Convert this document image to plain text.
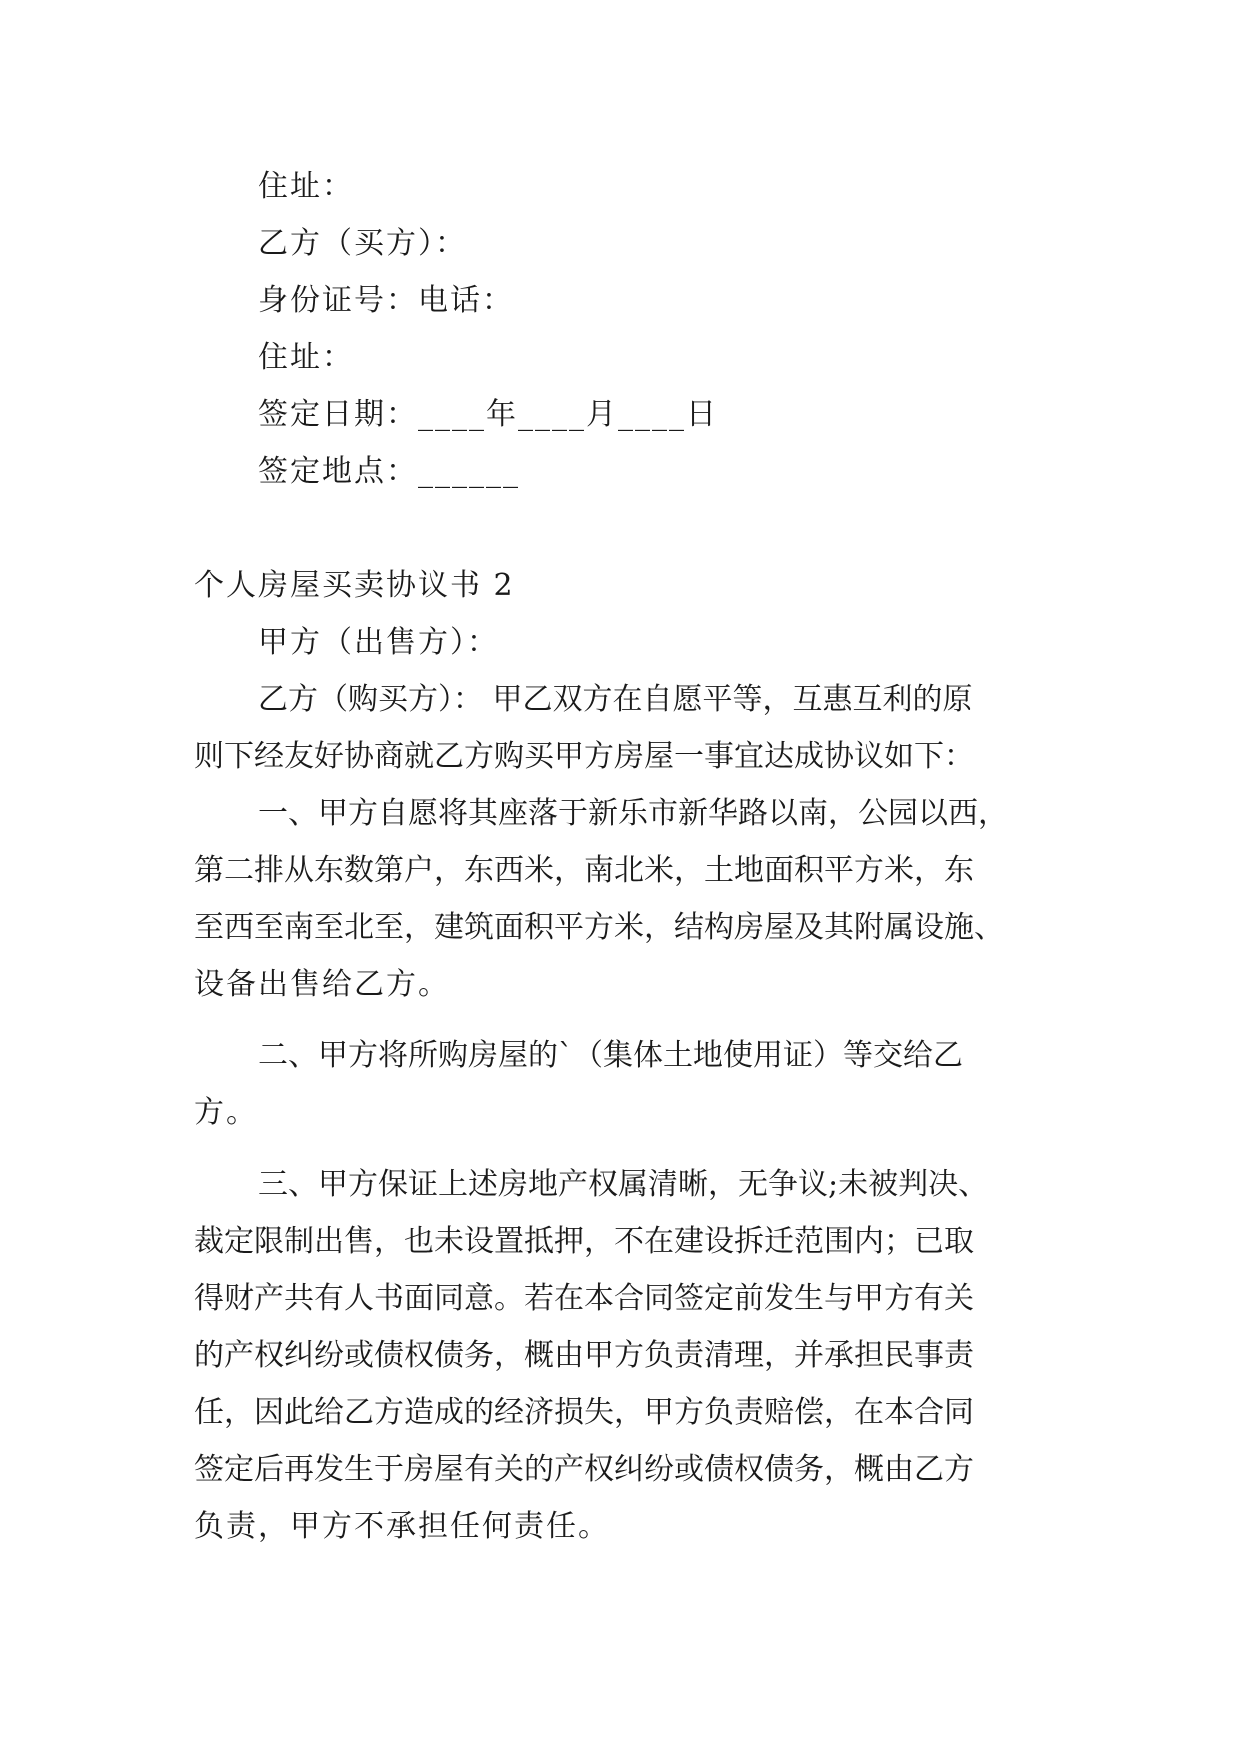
住址：
乙方（买方）：
身份证号：电话：
住址：
签定日期：____年____月____日
签定地点：______
个人房屋买卖协议书 2
甲方（出售方）：
乙方（购买方）： 甲乙双方在自愿平等，互惠互利的原
则下经友好协商就乙方购买甲方房屋一事宜达成协议如下：
一、甲方自愿将其座落于新乐市新华路以南，公园以西，
第二排从东数第户，东西米，南北米，土地面积平方米，东
至西至南至北至，建筑面积平方米，结构房屋及其附属设施、
设备出售给乙方。
二、甲方将所购房屋的`（集体土地使用证）等交给乙
方。
三、甲方保证上述房地产权属清晰，无争议;未被判决、
裁定限制出售，也未设置抵押，不在建设拆迁范围内；已取
得财产共有人书面同意。若在本合同签定前发生与甲方有关
的产权纠纷或债权债务，概由甲方负责清理，并承担民事责
任，因此给乙方造成的经济损失，甲方负责赔偿，在本合同
签定后再发生于房屋有关的产权纠纷或债权债务，概由乙方
负责，甲方不承担任何责任。
